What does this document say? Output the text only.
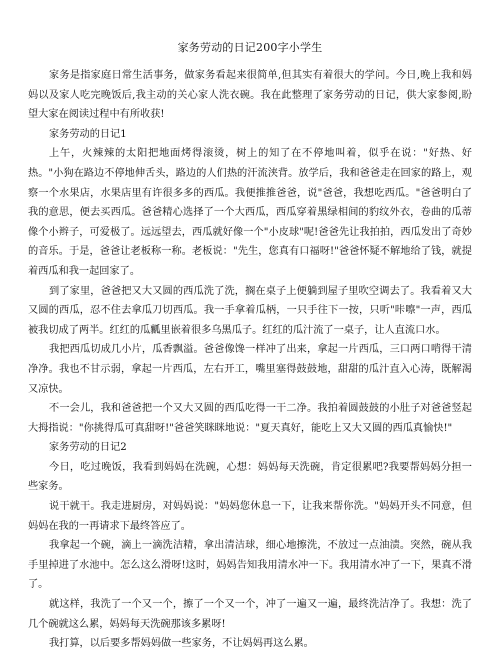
家务劳动的日记200字小学生

家务是指家庭日常生活事务，做家务看起来很简单,但其实有着很大的学问。今日,晚上我和妈妈以及家人吃完晚饭后,我主动的关心家人洗衣碗。我在此整理了家务劳动的日记，供大家参阅,盼望大家在阅读过程中有所收获!

家务劳动的日记1

上午，火辣辣的太阳把地面烤得滚烫，树上的知了在不停地叫着，似乎在说："好热、好热。"小狗在路边不停地伸舌头，路边的人们热的汗流浃背。放学后，我和爸爸走在回家的路上，观察一个水果店，水果店里有许很多多的西瓜。我便推推爸爸，说"爸爸，我想吃西瓜。"爸爸明白了我的意思，便去买西瓜。爸爸精心选择了一个大西瓜，西瓜穿着黑绿相间的豹纹外衣，卷曲的瓜蒂像个小辫子，可爱极了。远远望去，西瓜就好像一个"小皮球"呢!爸爸先让我拍拍，西瓜发出了奇妙的音乐。于是，爸爸让老板称一称。老板说："先生，您真有口福呀!"爸爸怀疑不解地给了钱，就提着西瓜和我一起回家了。

到了家里，爸爸把又大又圆的西瓜洗了洗，搁在桌子上便躺到屋子里吹空调去了。我看着又大又圆的西瓜，忍不住去拿瓜刀切西瓜。我一手拿着瓜柄，一只手往下一按，只听"咔嚓"一声，西瓜被我切成了两半。红红的瓜瓤里嵌着很多乌黑瓜子。红红的瓜汁流了一桌子，让人直流口水。

我把西瓜切成几小片，瓜香飘溢。爸爸像馋一样冲了出来，拿起一片西瓜，三口两口啃得干清净净。我也不甘示弱，拿起一片西瓜，左右开工，嘴里塞得鼓鼓地，甜甜的瓜汁直入心涛，既解渴又凉快。

不一会儿，我和爸爸把一个又大又圆的西瓜吃得一干二净。我拍着圆鼓鼓的小肚子对爸爸竖起大拇指说："你挑得瓜可真甜呀!"爸爸笑眯眯地说："夏天真好，能吃上又大又圆的西瓜真愉快!"

家务劳动的日记2

今日，吃过晚饭，我看到妈妈在洗碗，心想：妈妈每天洗碗，肯定很累吧?我要帮妈妈分担一些家务。

说干就干。我走进厨房，对妈妈说："妈妈您休息一下，让我来帮你洗。"妈妈开头不同意，但妈妈在我的一再请求下最终答应了。

我拿起一个碗，滴上一滴洗洁精，拿出清洁球，细心地擦洗，不放过一点油渍。突然，碗从我手里掉进了水池中。怎么这么滑呀!这时，妈妈告知我用清水冲一下。我用清水冲了一下，果真不滑了。

就这样，我洗了一个又一个，擦了一个又一个，冲了一遍又一遍，最终洗洁净了。我想：洗了几个碗就这么累，妈妈每天洗碗那该多累呀!

我打算，以后要多帮妈妈做一些家务，不让妈妈再这么累。
